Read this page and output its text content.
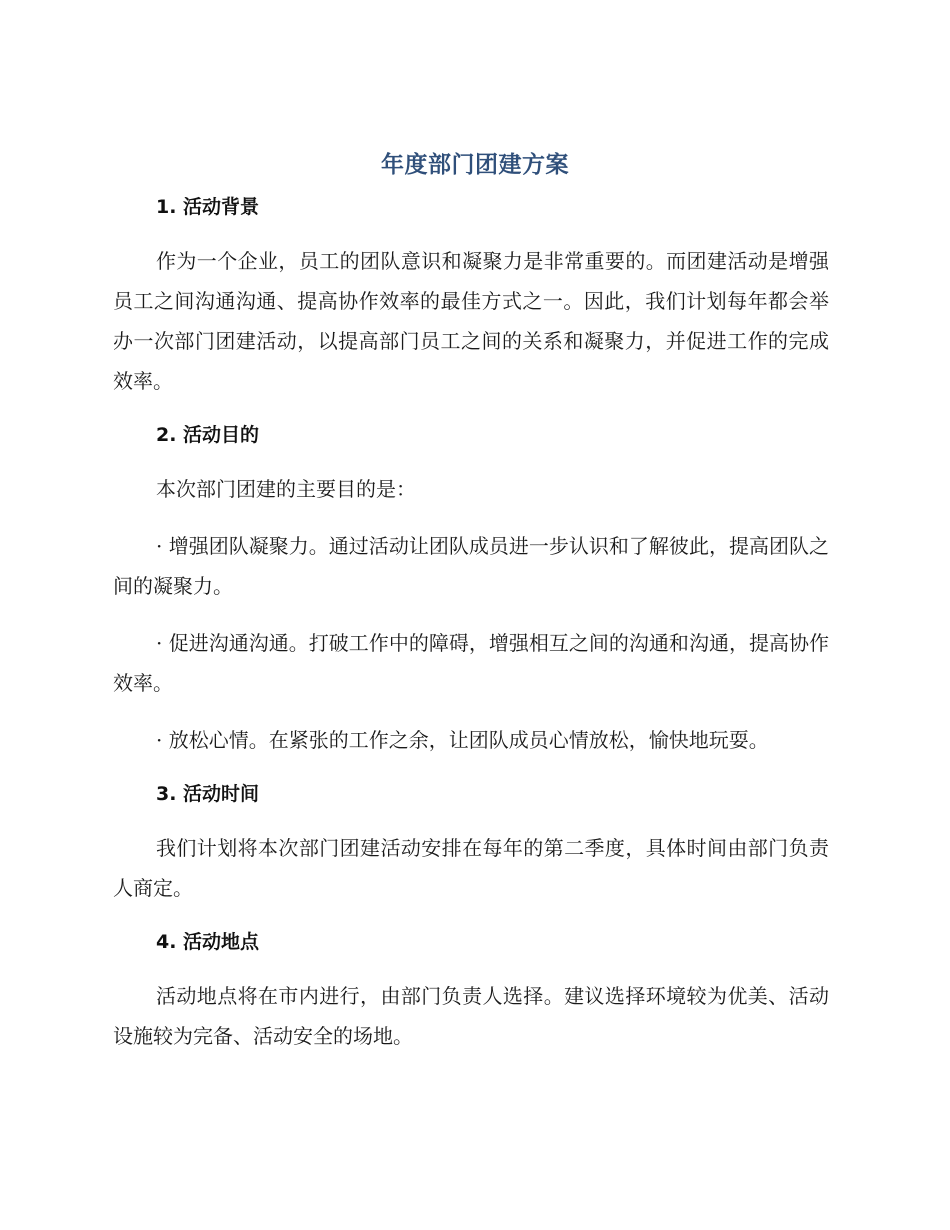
年度部门团建方案
1. 活动背景

作为一个企业，员工的团队意识和凝聚力是非常重要的。而团建活动是增强员工之间沟通沟通、提高协作效率的最佳方式之一。因此，我们计划每年都会举办一次部门团建活动，以提高部门员工之间的关系和凝聚力，并促进工作的完成效率。

2. 活动目的

本次部门团建的主要目的是：

· 增强团队凝聚力。通过活动让团队成员进一步认识和了解彼此，提高团队之间的凝聚力。

· 促进沟通沟通。打破工作中的障碍，增强相互之间的沟通和沟通，提高协作效率。

· 放松心情。在紧张的工作之余，让团队成员心情放松，愉快地玩耍。

3. 活动时间

我们计划将本次部门团建活动安排在每年的第二季度，具体时间由部门负责人商定。

4. 活动地点

活动地点将在市内进行，由部门负责人选择。建议选择环境较为优美、活动设施较为完备、活动安全的场地。
